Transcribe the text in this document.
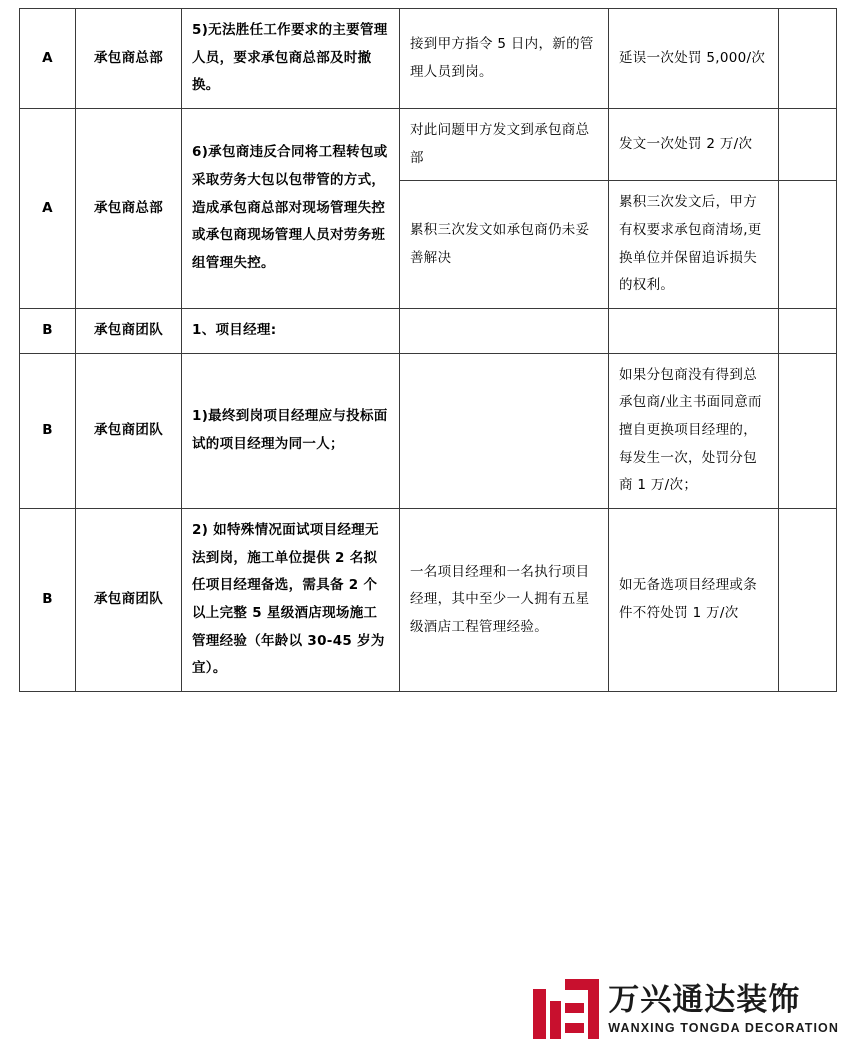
A	承包商总部	5)无法胜任工作要求的主要管理人员，要求承包商总部及时撤换。	接到甲方指令 5 日内，新的管理人员到岗。	延误一次处罚 5,000/次	
A	承包商总部	6)承包商违反合同将工程转包或采取劳务大包以包带管的方式，造成承包商总部对现场管理失控或承包商现场管理人员对劳务班组管理失控。	对此问题甲方发文到承包商总部	发文一次处罚 2 万/次	
			累积三次发文如承包商仍未妥善解决	累积三次发文后，甲方有权要求承包商清场,更换单位并保留追诉损失的权利。	
B	承包商团队	1、项目经理:			
B	承包商团队	1)最终到岗项目经理应与投标面试的项目经理为同一人；		如果分包商没有得到总承包商/业主书面同意而擅自更换项目经理的，每发生一次，处罚分包商 1 万/次；	
B	承包商团队	2) 如特殊情况面试项目经理无法到岗，施工单位提供 2 名拟任项目经理备选，需具备 2 个以上完整 5 星级酒店现场施工管理经验（年龄以 30-45 岁为宜）。	一名项目经理和一名执行项目经理，其中至少一人拥有五星级酒店工程管理经验。	如无备选项目经理或条件不符处罚 1 万/次	
万兴通达装饰
WANXING TONGDA DECORATION
